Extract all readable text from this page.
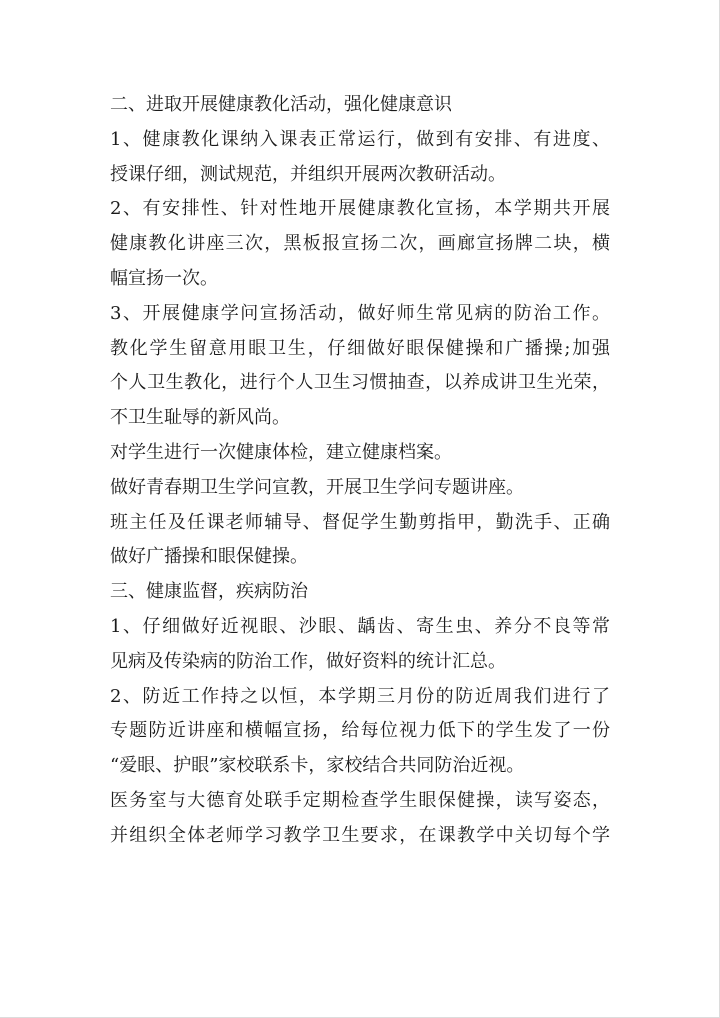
二、进取开展健康教化活动，强化健康意识
1、健康教化课纳入课表正常运行，做到有安排、有进度、
授课仔细，测试规范，并组织开展两次教研活动。
2、有安排性、针对性地开展健康教化宣扬，本学期共开展
健康教化讲座三次，黑板报宣扬二次，画廊宣扬牌二块，横
幅宣扬一次。
3、开展健康学问宣扬活动，做好师生常见病的防治工作。
教化学生留意用眼卫生，仔细做好眼保健操和广播操;加强
个人卫生教化，进行个人卫生习惯抽查，以养成讲卫生光荣，
不卫生耻辱的新风尚。
对学生进行一次健康体检，建立健康档案。
做好青春期卫生学问宣教，开展卫生学问专题讲座。
班主任及任课老师辅导、督促学生勤剪指甲，勤洗手、正确
做好广播操和眼保健操。
三、健康监督，疾病防治
1、仔细做好近视眼、沙眼、龋齿、寄生虫、养分不良等常
见病及传染病的防治工作，做好资料的统计汇总。
2、防近工作持之以恒，本学期三月份的防近周我们进行了
专题防近讲座和横幅宣扬，给每位视力低下的学生发了一份
“爱眼、护眼”家校联系卡，家校结合共同防治近视。
医务室与大德育处联手定期检查学生眼保健操，读写姿态，
并组织全体老师学习教学卫生要求，在课教学中关切每个学
